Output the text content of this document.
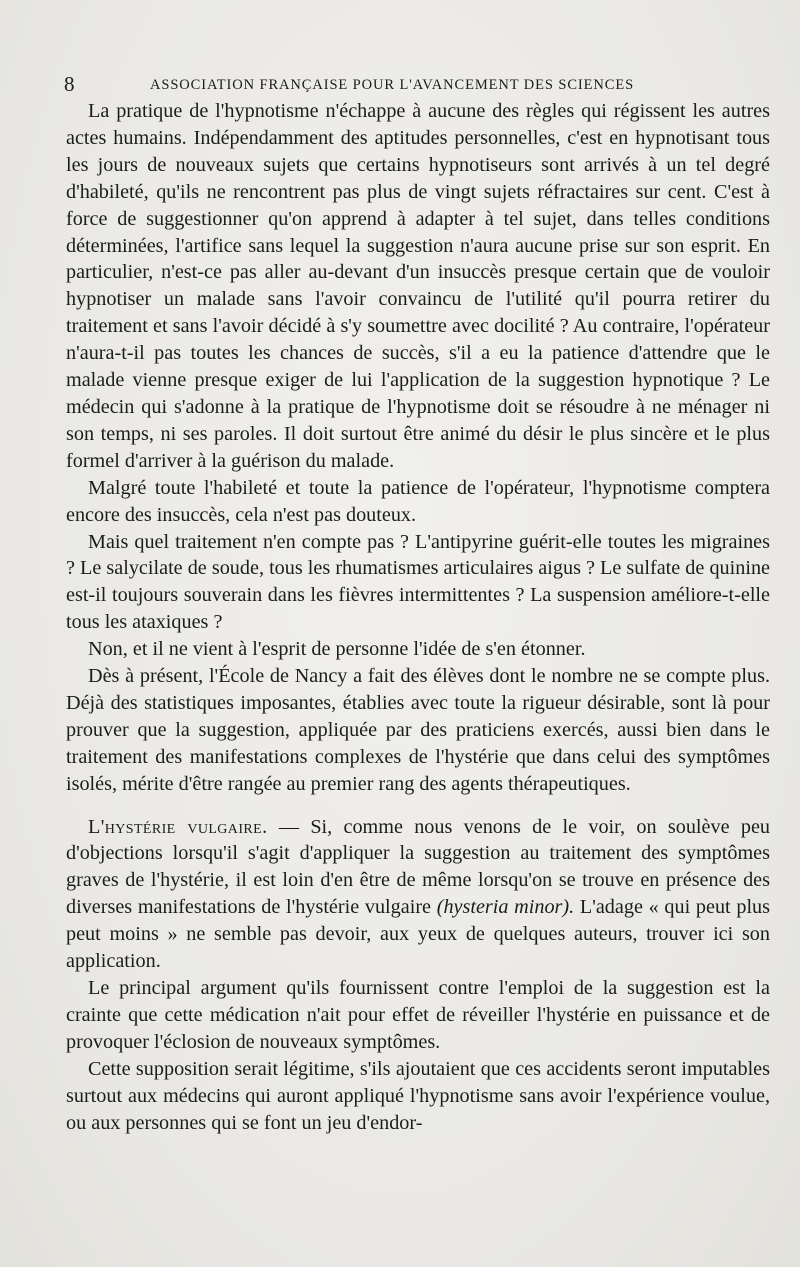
8	ASSOCIATION FRANÇAISE POUR L'AVANCEMENT DES SCIENCES

La pratique de l'hypnotisme n'échappe à aucune des règles qui régissent les autres actes humains. Indépendamment des aptitudes personnelles, c'est en hypnotisant tous les jours de nouveaux sujets que certains hypnotiseurs sont arrivés à un tel degré d'habileté, qu'ils ne rencontrent pas plus de vingt sujets réfractaires sur cent. C'est à force de suggestionner qu'on apprend à adapter à tel sujet, dans telles conditions déterminées, l'artifice sans lequel la suggestion n'aura aucune prise sur son esprit. En particulier, n'est-ce pas aller au-devant d'un insuccès presque certain que de vouloir hypnotiser un malade sans l'avoir convaincu de l'utilité qu'il pourra retirer du traitement et sans l'avoir décidé à s'y soumettre avec docilité ? Au contraire, l'opérateur n'aura-t-il pas toutes les chances de succès, s'il a eu la patience d'attendre que le malade vienne presque exiger de lui l'application de la suggestion hypnotique ? Le médecin qui s'adonne à la pratique de l'hypnotisme doit se résoudre à ne ménager ni son temps, ni ses paroles. Il doit surtout être animé du désir le plus sincère et le plus formel d'arriver à la guérison du malade.

Malgré toute l'habileté et toute la patience de l'opérateur, l'hypnotisme comptera encore des insuccès, cela n'est pas douteux.

Mais quel traitement n'en compte pas ? L'antipyrine guérit-elle toutes les migraines ? Le salycilate de soude, tous les rhumatismes articulaires aigus ? Le sulfate de quinine est-il toujours souverain dans les fièvres intermittentes ? La suspension améliore-t-elle tous les ataxiques ?

Non, et il ne vient à l'esprit de personne l'idée de s'en étonner.

Dès à présent, l'École de Nancy a fait des élèves dont le nombre ne se compte plus. Déjà des statistiques imposantes, établies avec toute la rigueur désirable, sont là pour prouver que la suggestion, appliquée par des praticiens exercés, aussi bien dans le traitement des manifestations complexes de l'hystérie que dans celui des symptômes isolés, mérite d'être rangée au premier rang des agents thérapeutiques.

L'hystérie vulgaire. — Si, comme nous venons de le voir, on soulève peu d'objections lorsqu'il s'agit d'appliquer la suggestion au traitement des symptômes graves de l'hystérie, il est loin d'en être de même lorsqu'on se trouve en présence des diverses manifestations de l'hystérie vulgaire (hysteria minor). L'adage « qui peut plus peut moins » ne semble pas devoir, aux yeux de quelques auteurs, trouver ici son application.

Le principal argument qu'ils fournissent contre l'emploi de la suggestion est la crainte que cette médication n'ait pour effet de réveiller l'hystérie en puissance et de provoquer l'éclosion de nouveaux symptômes.

Cette supposition serait légitime, s'ils ajoutaient que ces accidents seront imputables surtout aux médecins qui auront appliqué l'hypnotisme sans avoir l'expérience voulue, ou aux personnes qui se font un jeu d'endor-
